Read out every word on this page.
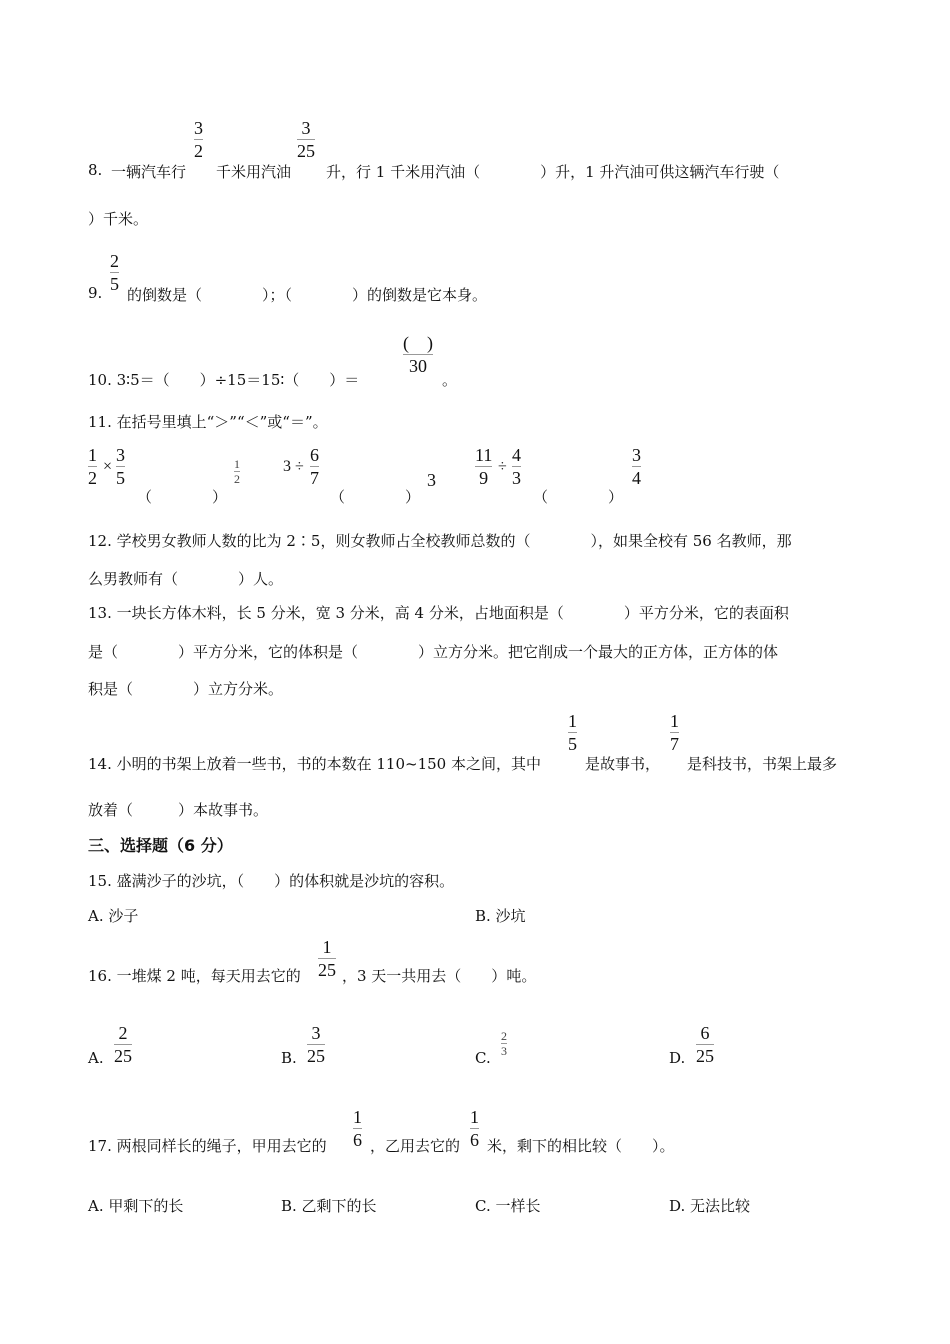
8. 一辆汽车行
3
2
千米用汽油
3
25
升，行 1 千米用汽油（　　　　）升，1 升汽油可供这辆汽车行驶（
）千米。
9.
2
5
的倒数是（　　　　）；（　　　　）的倒数是它本身。
10. 3∶5＝（　　）÷15＝15∶（　　）＝
(　)
30
。
11. 在括号里填上“＞”“＜”或“＝”。
1
2
×
3
5
（　　　　）
1
2
3 ÷
6
7
（　　　　）
3
11
9
÷
4
3
（　　　　）
3
4
12. 学校男女教师人数的比为 2∶5，则女教师占全校教师总数的（　　　　），如果全校有 56 名教师，那
么男教师有（　　　　）人。
13. 一块长方体木料，长 5 分米，宽 3 分米，高 4 分米，占地面积是（　　　　）平方分米，它的表面积
是（　　　　）平方分米，它的体积是（　　　　）立方分米。把它削成一个最大的正方体，正方体的体
积是（　　　　）立方分米。
14. 小明的书架上放着一些书，书的本数在 110~150 本之间，其中
1
5
是故事书，
1
7
是科技书，书架上最多
放着（　　　）本故事书。
三、选择题（6 分）
15. 盛满沙子的沙坑，（　　）的体积就是沙坑的容积。
A. 沙子	B. 沙坑
16. 一堆煤 2 吨，每天用去它的
1
25 ，3 天一共用去（　　）吨。
A.
2
25	B.
3
25	C.
2
3	D.
6
25
17. 两根同样长的绳子，甲用去它的
1
6 ，乙用去它的
1
6 米，剩下的相比较（　　）。
A. 甲剩下的长	B. 乙剩下的长	C. 一样长	D. 无法比较
